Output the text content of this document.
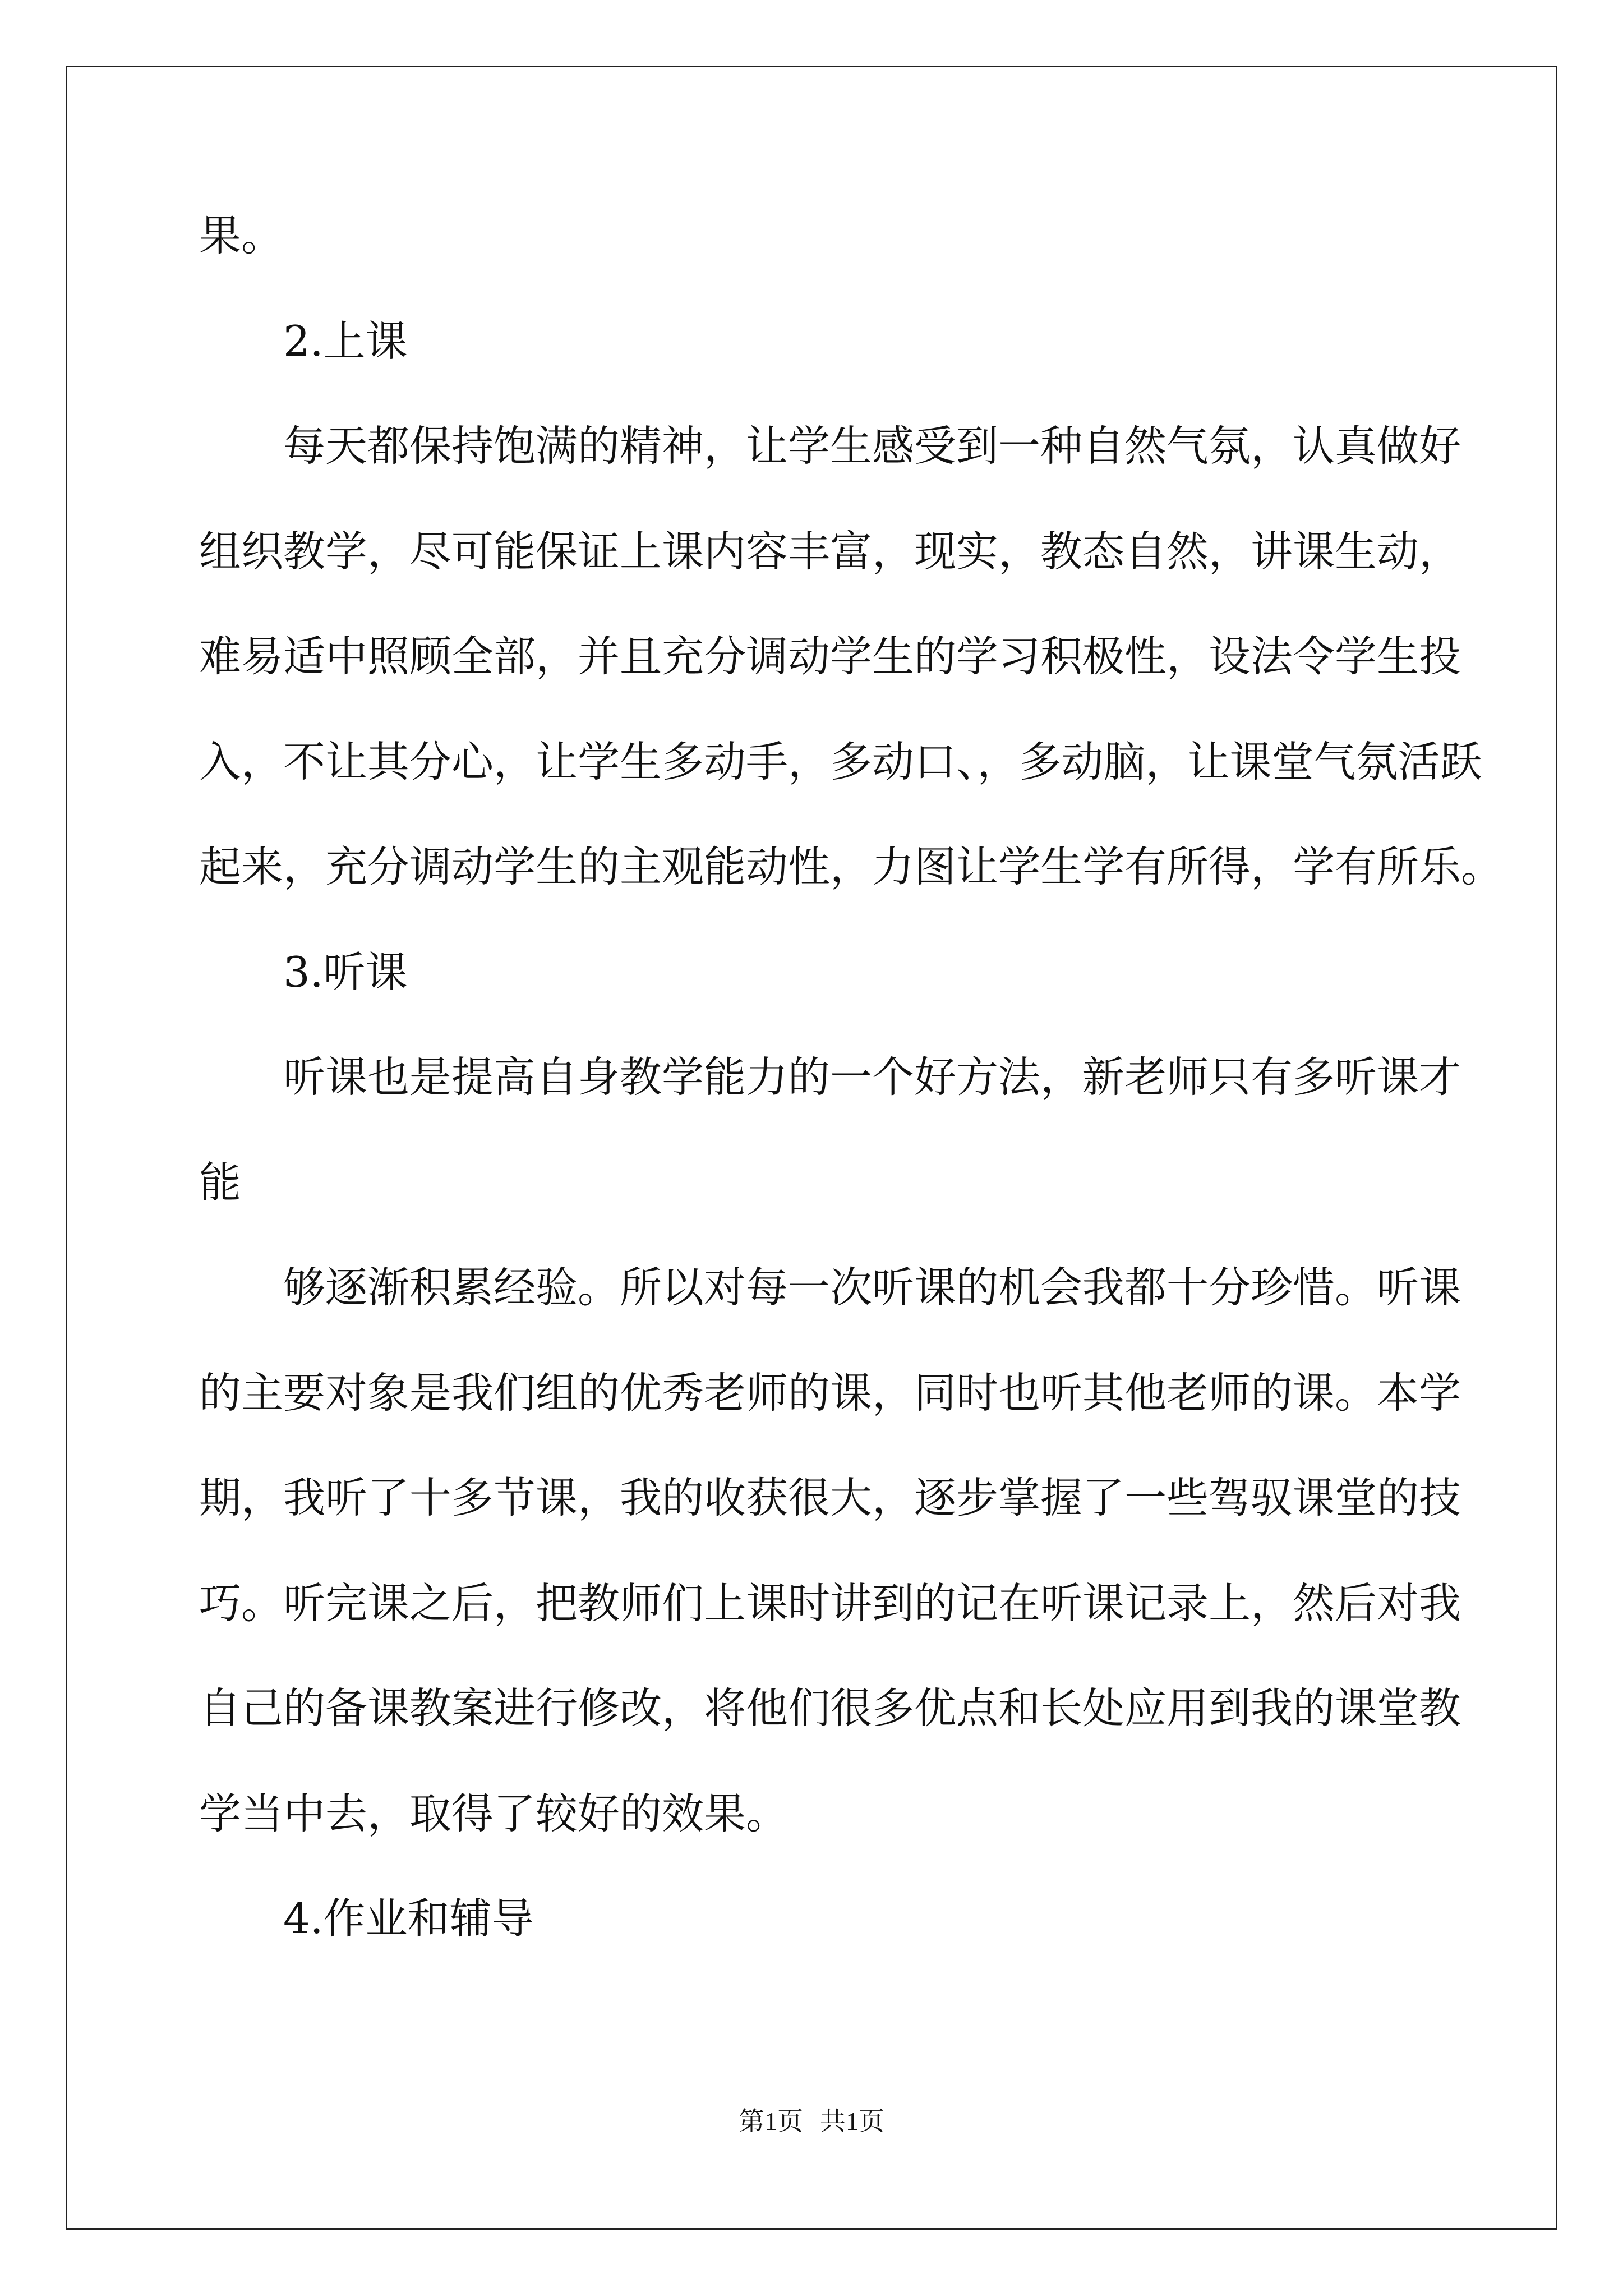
果。

2.上课

每天都保持饱满的精神，让学生感受到一种自然气氛，认真做好

组织教学，尽可能保证上课内容丰富，现实，教态自然，讲课生动，

难易适中照顾全部，并且充分调动学生的学习积极性，设法令学生投

入，不让其分心，让学生多动手，多动口、，多动脑，让课堂气氛活跃

起来，充分调动学生的主观能动性，力图让学生学有所得，学有所乐。

3.听课

听课也是提高自身教学能力的一个好方法，新老师只有多听课才

能

够逐渐积累经验。所以对每一次听课的机会我都十分珍惜。听课

的主要对象是我们组的优秀老师的课，同时也听其他老师的课。本学

期，我听了十多节课，我的收获很大，逐步掌握了一些驾驭课堂的技

巧。听完课之后，把教师们上课时讲到的记在听课记录上，然后对我

自己的备课教案进行修改，将他们很多优点和长处应用到我的课堂教

学当中去，取得了较好的效果。

4.作业和辅导

第1页 共1页
